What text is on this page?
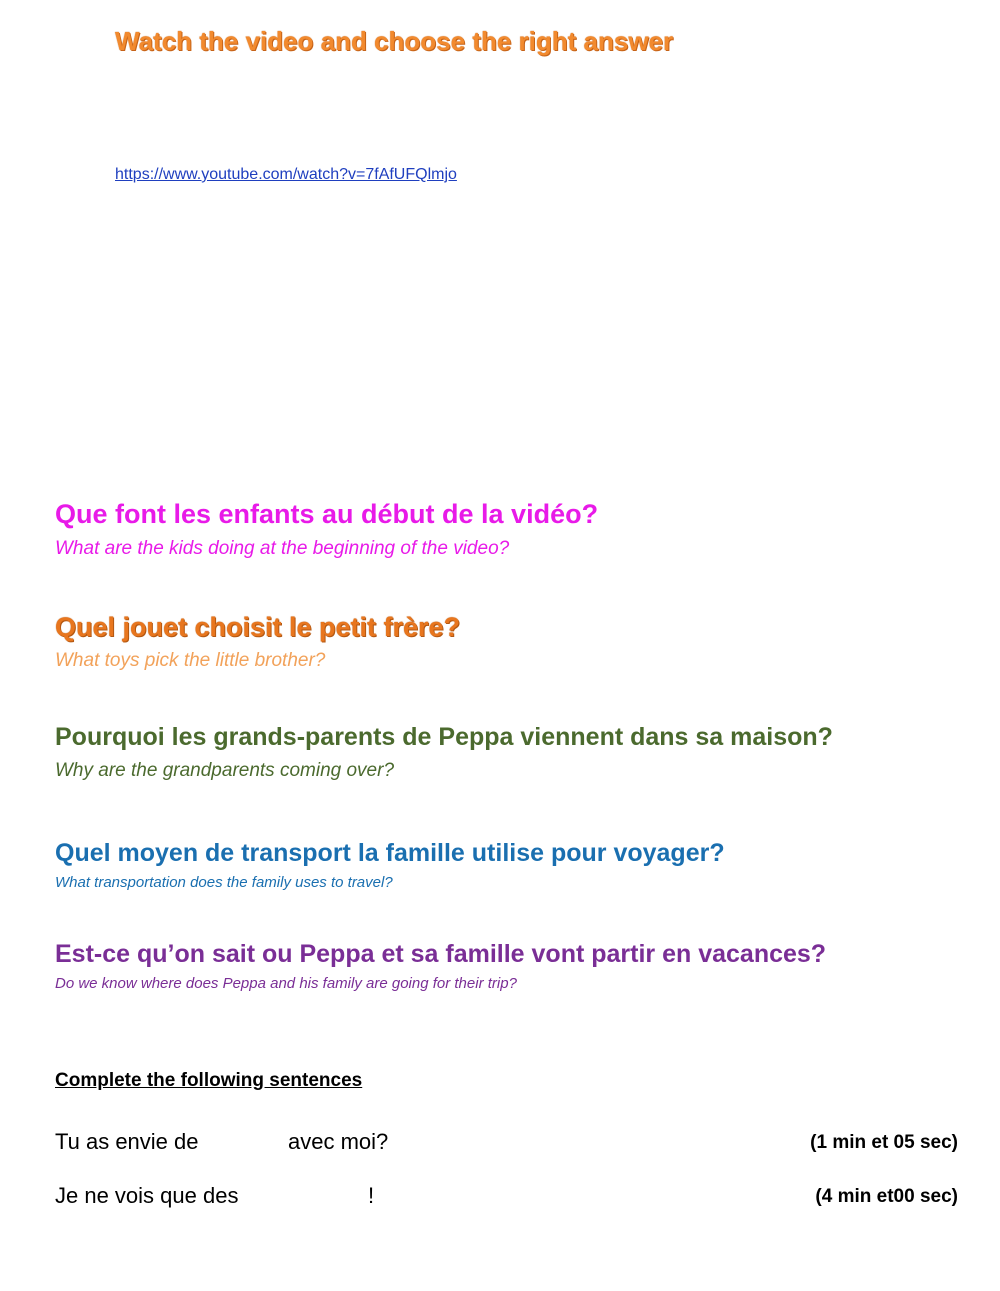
Watch the video and choose the right answer
https://www.youtube.com/watch?v=7fAfUFQlmjo
Que font les enfants au début de la vidéo?
What are the kids doing at the beginning of the video?
Quel jouet choisit le petit frère?
What toys pick the little brother?
Pourquoi les grands-parents de Peppa viennent dans sa maison?
Why are the grandparents coming over?
Quel moyen de transport la famille utilise pour voyager?
What transportation does the family uses to travel?
Est-ce qu’on sait ou Peppa et sa famille vont partir en vacances?
Do we know where does Peppa and his family are going for their trip?
Complete the following sentences
Tu as envie de	avec moi?	(1 min et 05 sec)
Je ne vois que des	!	(4 min et00 sec)
